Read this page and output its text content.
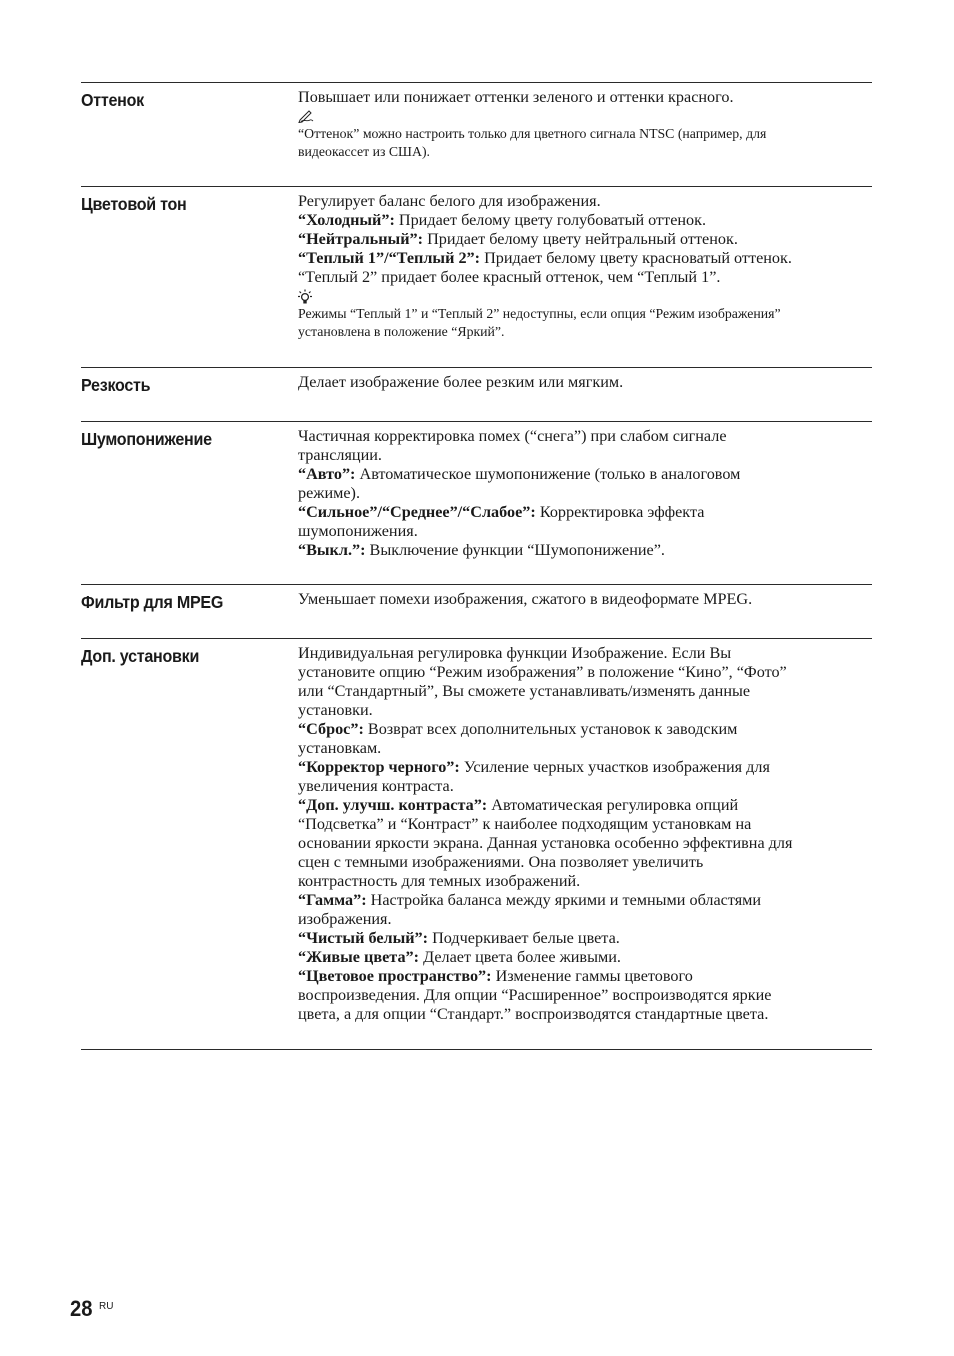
Оттенок	Повышает или понижает оттенки зеленого и оттенки красного.
“Оттенок” можно настроить только для цветного сигнала NTSC (например, для
видеокассет из США).
Цветовой тон	Регулирует баланс белого для изображения.
“Холодный”: Придает белому цвету голубоватый оттенок.
“Нейтральный”: Придает белому цвету нейтральный оттенок.
“Теплый 1”/“Теплый 2”: Придает белому цвету красноватый оттенок.
“Теплый 2” придает более красный оттенок, чем “Теплый 1”.
Режимы “Теплый 1” и “Теплый 2” недоступны, если опция “Режим изображения”
установлена в положение “Яркий”.
Резкость	Делает изображение более резким или мягким.
Шумопонижение	Частичная корректировка помех (“снега”) при слабом сигнале
трансляции.
“Авто”: Автоматическое шумопонижение (только в аналоговом
режиме).
“Сильное”/“Среднее”/“Слабое”: Корректировка эффекта
шумопонижения.
“Выкл.”: Выключение функции “Шумопонижение”.
Фильтр для MPEG	Уменьшает помехи изображения, сжатого в видеоформате MPEG.
Доп. установки	Индивидуальная регулировка функции Изображение. Если Вы
установите опцию “Режим изображения” в положение “Кино”, “Фото”
или “Стандартный”, Вы сможете устанавливать/изменять данные
установки.
“Сброс”: Возврат всех дополнительных установок к заводским
установкам.
“Корректор черного”: Усиление черных участков изображения для
увеличения контраста.
“Доп. улучш. контраста”: Автоматическая регулировка опций
“Подсветка” и “Контраст” к наиболее подходящим установкам на
основании яркости экрана. Данная установка особенно эффективна для
сцен с темными изображениями. Она позволяет увеличить
контрастность для темных изображений.
“Гамма”: Настройка баланса между яркими и темными областями
изображения.
“Чистый белый”: Подчеркивает белые цвета.
“Живые цвета”: Делает цвета более живыми.
“Цветовое пространство”: Изменение гаммы цветового
воспроизведения. Для опции “Расширенное” воспроизводятся яркие
цвета, а для опции “Стандарт.” воспроизводятся стандартные цвета.
28 RU
